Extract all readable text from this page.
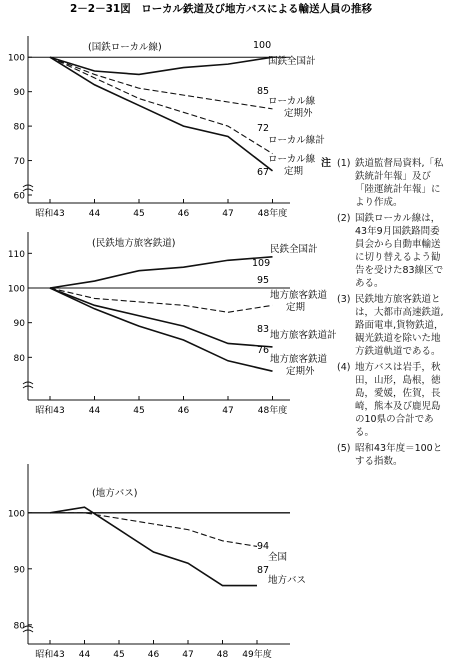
2－2－31図　ローカル鉄道及び地方バスによる輸送人員の推移
(国鉄ローカル線)
60
70
80
90
100
昭和43	44	45	46	47	48年度
100
国鉄全国計
85
ローカル線
定期外
72
ローカル線計
67
ローカル線
定期
(民鉄地方旅客鉄道)
80
90
100
110
昭和43	44	45	46	47	48年度
109
民鉄全国計
95
地方旅客鉄道
定期
83
地方旅客鉄道計
76
地方旅客鉄道
定期外
(地方バス)
80
90
100
昭和43 44	45	46	47	48 49年度
94
全国
87
地方バス
注 (1) 鉄道監督局資料,「私鉄統計年報」及び「陸運統計年報」により作成。
(2) 国鉄ローカル線は，43年9月国鉄路問委員会から自動車輸送に切り替えるよう勧告を受けた83線区である。
(3) 民鉄地方旅客鉄道とは，大都市高速鉄道,路面電車,貨物鉄道，観光鉄道を除いた地方鉄道軌道である。
(4) 地方バスは岩手，秋田，山形，島根，徳島，愛媛，佐賀，長崎，熊本及び鹿児島の10県の合計である。
(5) 昭和43年度＝100とする指数。
